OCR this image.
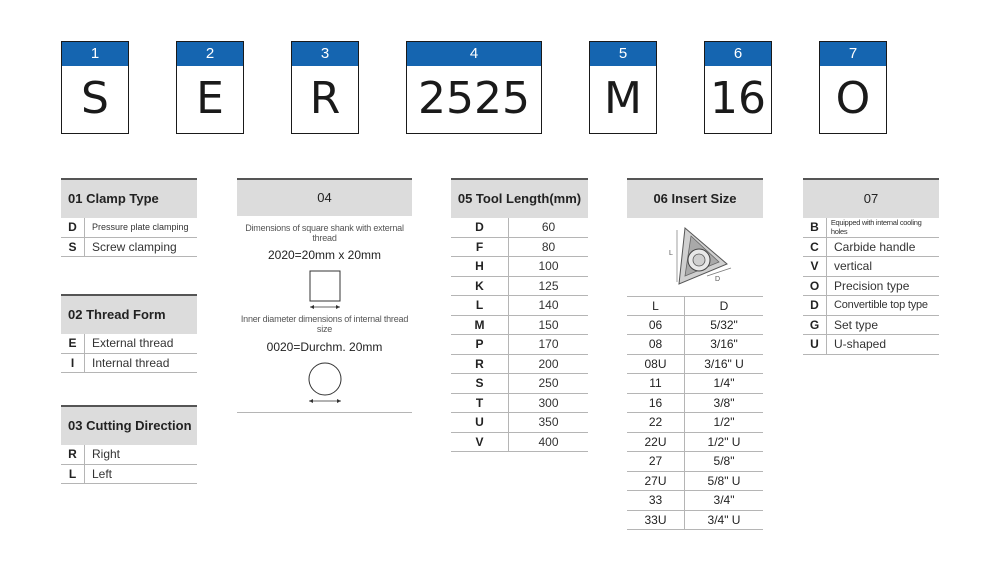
1
S
2
E
3
R
4
2525
5
M
6
16
7
O
01 Clamp Type
D	Pressure plate clamping
S	Screw clamping
02 Thread Form
E	External thread
I	Internal thread
03 Cutting Direction
R	Right
L	Left
04
Dimensions of square shank with external thread
2020=20mm x 20mm
Inner diameter dimensions of internal thread size
0020=Durchm. 20mm
05 Tool Length(mm)
D	60
F	80
H	100
K	125
L	140
M	150
P	170
R	200
S	250
T	300
U	350
V	400
06 Insert Size
L
D
L	D
06	5/32"
08	3/16"
08U	3/16" U
11	1/4"
16	3/8"
22	1/2"
22U	1/2" U
27	5/8"
27U	5/8" U
33	3/4"
33U	3/4" U
07
B	Equipped with internal cooling holes
C	Carbide handle
V	vertical
O	Precision type
D	Convertible top type
G	Set type
U	U-shaped
